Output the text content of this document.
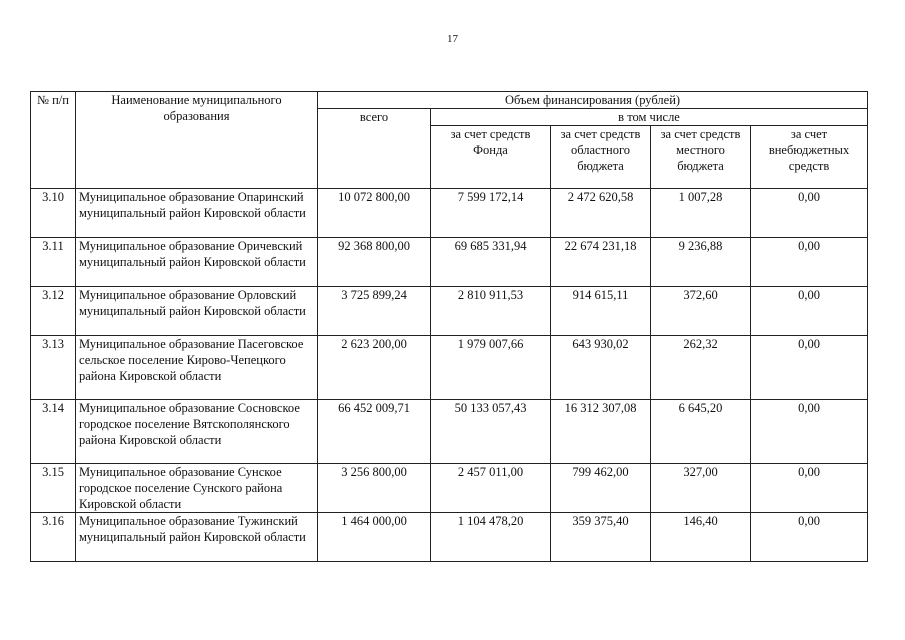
17
№ п/п	Наименование муниципального образования	Объем финансирования (рублей)				
		всего	в том числе			
			за счет средств Фонда	за счет средств областного бюджета	за счет средств местного бюджета	за счет внебюджетных средств
3.10	Муниципальное образование Опаринский муниципальный район Кировской области	10 072 800,00	7 599 172,14	2 472 620,58	1 007,28	0,00
3.11	Муниципальное образование Оричевский муниципальный район Кировской области	92 368 800,00	69 685 331,94	22 674 231,18	9 236,88	0,00
3.12	Муниципальное образование Орловский муниципальный район Кировской области	3 725 899,24	2 810 911,53	914 615,11	372,60	0,00
3.13	Муниципальное образование Пасеговское сельское поселение Кирово-Чепецкого района Кировской области	2 623 200,00	1 979 007,66	643 930,02	262,32	0,00
3.14	Муниципальное образование Сосновское городское поселение Вятскополянского района Кировской области	66 452 009,71	50 133 057,43	16 312 307,08	6 645,20	0,00
3.15	Муниципальное образование Сунское городское поселение Сунского района Кировской области	3 256 800,00	2 457 011,00	799 462,00	327,00	0,00
3.16	Муниципальное образование Тужинский муниципальный район Кировской области	1 464 000,00	1 104 478,20	359 375,40	146,40	0,00
